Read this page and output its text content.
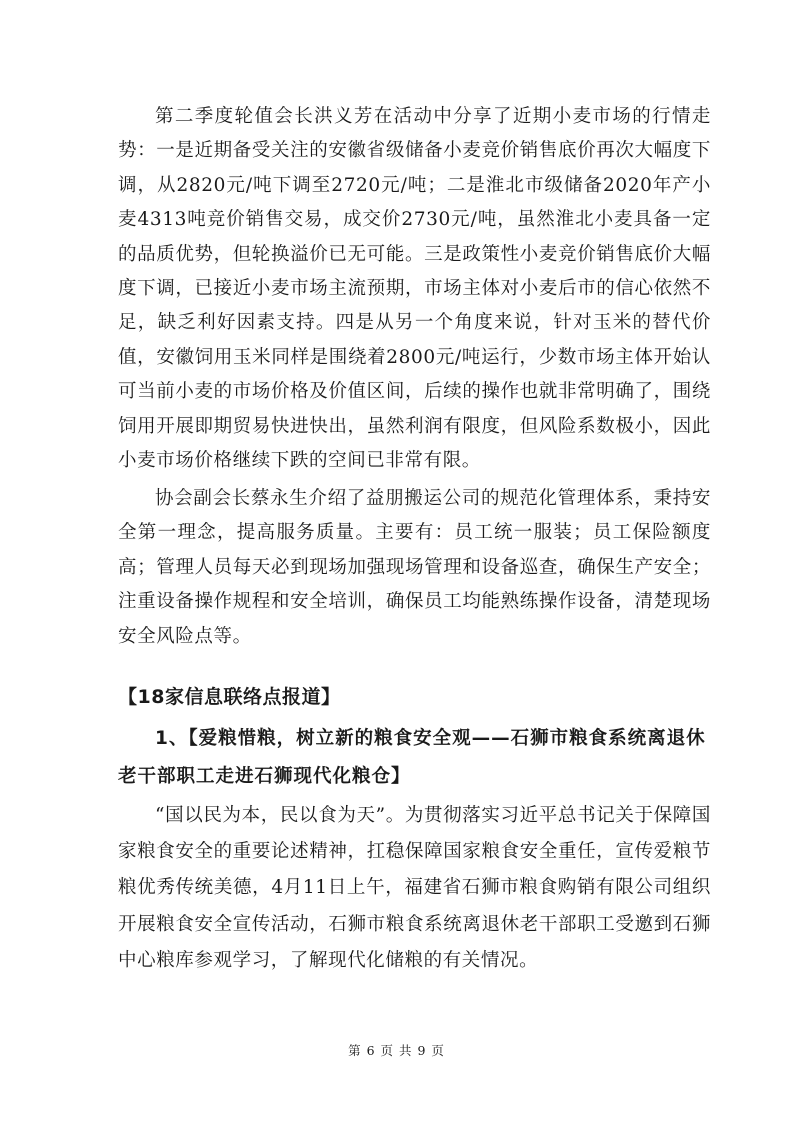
第二季度轮值会长洪义芳在活动中分享了近期小麦市场的行情走势：一是近期备受关注的安徽省级储备小麦竞价销售底价再次大幅度下调，从2820元/吨下调至2720元/吨；二是淮北市级储备2020年产小麦4313吨竞价销售交易，成交价2730元/吨，虽然淮北小麦具备一定的品质优势，但轮换溢价已无可能。三是政策性小麦竞价销售底价大幅度下调，已接近小麦市场主流预期，市场主体对小麦后市的信心依然不足，缺乏利好因素支持。四是从另一个角度来说，针对玉米的替代价值，安徽饲用玉米同样是围绕着2800元/吨运行，少数市场主体开始认可当前小麦的市场价格及价值区间，后续的操作也就非常明确了，围绕饲用开展即期贸易快进快出，虽然利润有限度，但风险系数极小，因此小麦市场价格继续下跌的空间已非常有限。

协会副会长蔡永生介绍了益朋搬运公司的规范化管理体系，秉持安全第一理念，提高服务质量。主要有：员工统一服装；员工保险额度高；管理人员每天必到现场加强现场管理和设备巡查，确保生产安全；注重设备操作规程和安全培训，确保员工均能熟练操作设备，清楚现场安全风险点等。

【18家信息联络点报道】
1、【爱粮惜粮，树立新的粮食安全观——石狮市粮食系统离退休老干部职工走进石狮现代化粮仓】

“国以民为本，民以食为天”。为贯彻落实习近平总书记关于保障国家粮食安全的重要论述精神，扛稳保障国家粮食安全重任，宣传爱粮节粮优秀传统美德，4月11日上午，福建省石狮市粮食购销有限公司组织开展粮食安全宣传活动，石狮市粮食系统离退休老干部职工受邀到石狮中心粮库参观学习，了解现代化储粮的有关情况。

第 6 页 共 9 页
